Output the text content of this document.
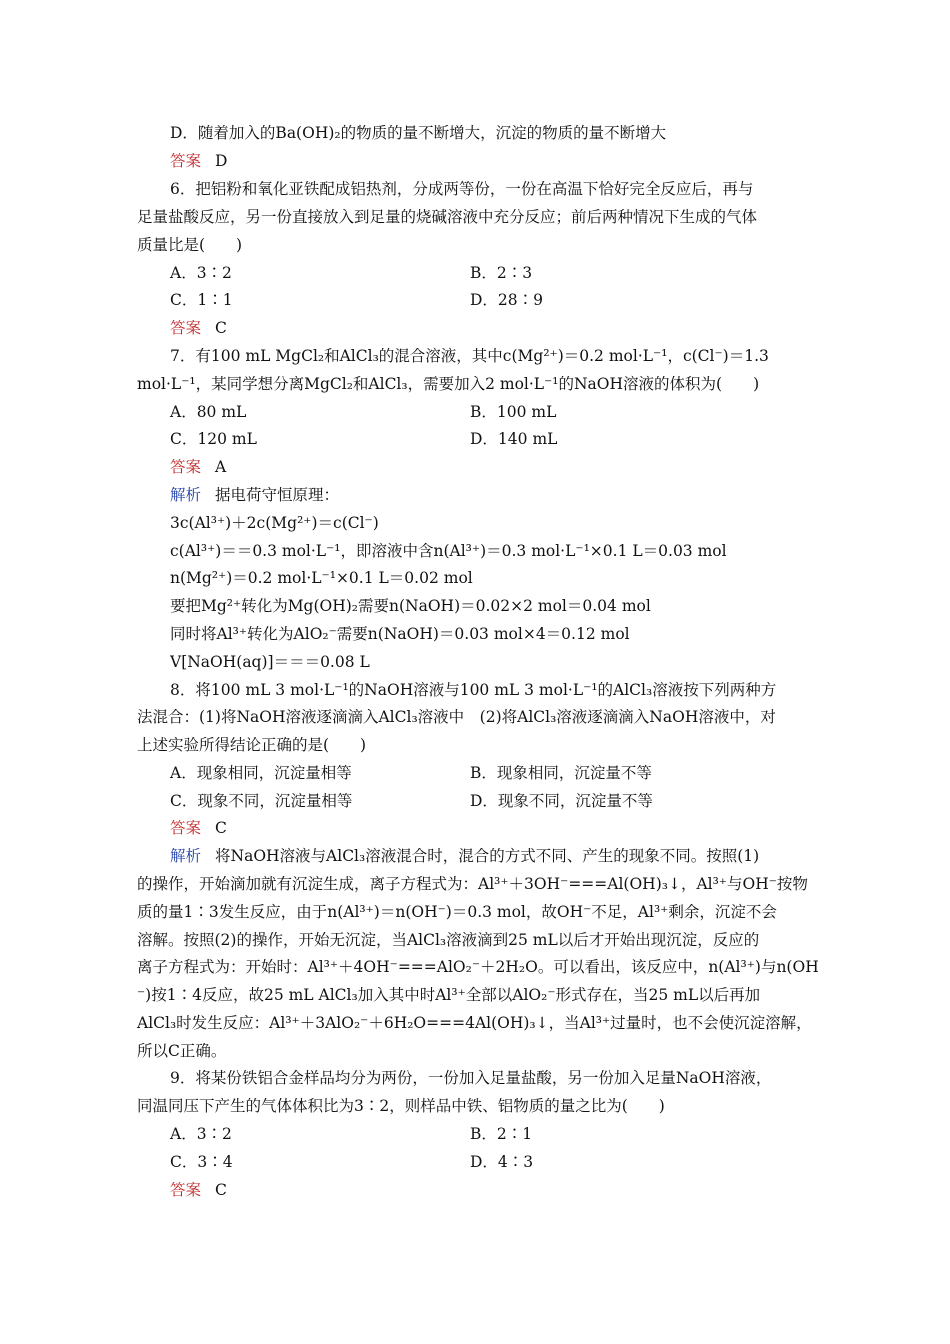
D．随着加入的Ba(OH)₂的物质的量不断增大，沉淀的物质的量不断增大
答案 D
6．把铝粉和氧化亚铁配成铝热剂，分成两等份，一份在高温下恰好完全反应后，再与
足量盐酸反应，另一份直接放入到足量的烧碱溶液中充分反应；前后两种情况下生成的气体
质量比是(　　)
A．3∶2	B．2∶3
C．1∶1	D．28∶9
答案 C
7．有100 mL MgCl₂和AlCl₃的混合溶液，其中c(Mg²⁺)＝0.2 mol·L⁻¹，c(Cl⁻)＝1.3
mol·L⁻¹，某同学想分离MgCl₂和AlCl₃，需要加入2 mol·L⁻¹的NaOH溶液的体积为(　　)
A．80 mL	B．100 mL
C．120 mL	D．140 mL
答案 A
解析 据电荷守恒原理：
3c(Al³⁺)＋2c(Mg²⁺)＝c(Cl⁻)
c(Al³⁺)＝＝0.3 mol·L⁻¹，即溶液中含n(Al³⁺)＝0.3 mol·L⁻¹×0.1 L＝0.03 mol
n(Mg²⁺)＝0.2 mol·L⁻¹×0.1 L＝0.02 mol
要把Mg²⁺转化为Mg(OH)₂需要n(NaOH)＝0.02×2 mol＝0.04 mol
同时将Al³⁺转化为AlO₂⁻需要n(NaOH)＝0.03 mol×4＝0.12 mol
V[NaOH(aq)]＝＝＝0.08 L
8．将100 mL 3 mol·L⁻¹的NaOH溶液与100 mL 3 mol·L⁻¹的AlCl₃溶液按下列两种方
法混合：(1)将NaOH溶液逐滴滴入AlCl₃溶液中　(2)将AlCl₃溶液逐滴滴入NaOH溶液中，对
上述实验所得结论正确的是(　　)
A．现象相同，沉淀量相等	B．现象相同，沉淀量不等
C．现象不同，沉淀量相等	D．现象不同，沉淀量不等
答案 C
解析 将NaOH溶液与AlCl₃溶液混合时，混合的方式不同、产生的现象不同。按照(1)
的操作，开始滴加就有沉淀生成，离子方程式为：Al³⁺＋3OH⁻===Al(OH)₃↓，Al³⁺与OH⁻按物
质的量1∶3发生反应，由于n(Al³⁺)＝n(OH⁻)＝0.3 mol，故OH⁻不足，Al³⁺剩余，沉淀不会
溶解。按照(2)的操作，开始无沉淀，当AlCl₃溶液滴到25 mL以后才开始出现沉淀，反应的
离子方程式为：开始时：Al³⁺＋4OH⁻===AlO₂⁻＋2H₂O。可以看出，该反应中，n(Al³⁺)与n(OH
⁻)按1∶4反应，故25 mL AlCl₃加入其中时Al³⁺全部以AlO₂⁻形式存在，当25 mL以后再加
AlCl₃时发生反应：Al³⁺＋3AlO₂⁻＋6H₂O===4Al(OH)₃↓，当Al³⁺过量时，也不会使沉淀溶解，
所以C正确。
9．将某份铁铝合金样品均分为两份，一份加入足量盐酸，另一份加入足量NaOH溶液，
同温同压下产生的气体体积比为3∶2，则样品中铁、铝物质的量之比为(　　)
A．3∶2	B．2∶1
C．3∶4	D．4∶3
答案 C
